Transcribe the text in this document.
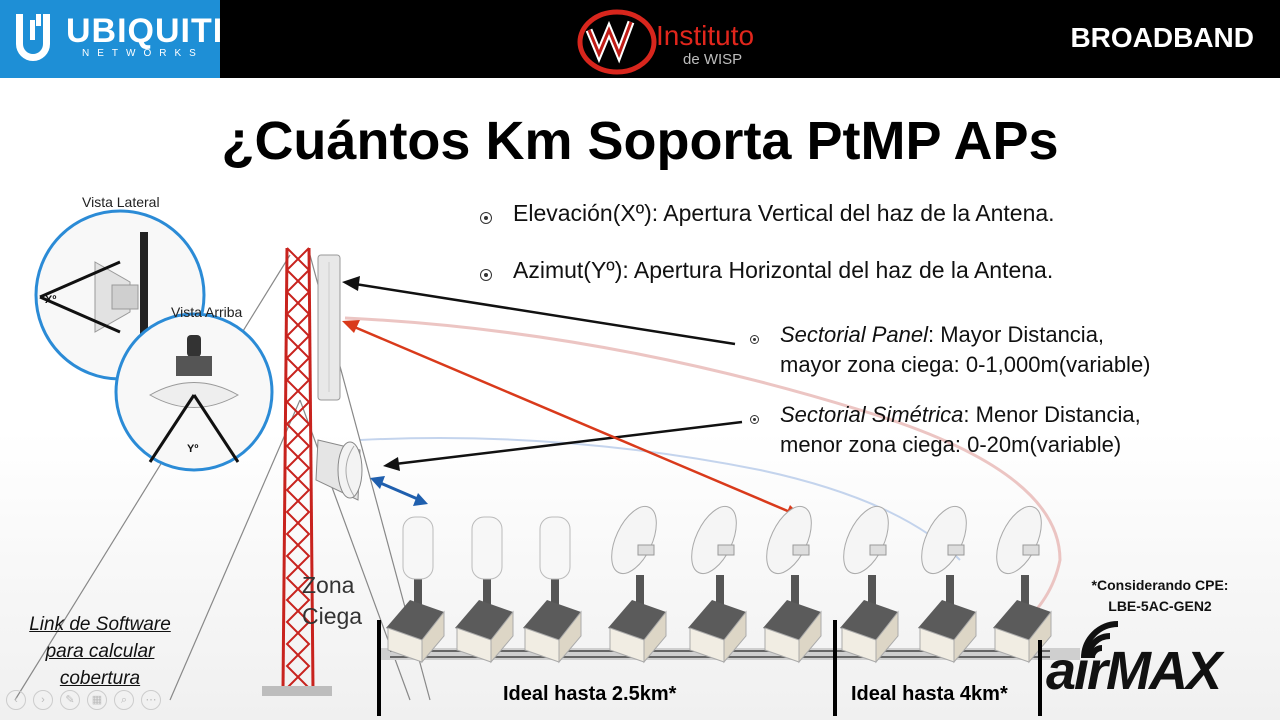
UBIQUITI
NETWORKS
Instituto
de WISP
BROADBAND
Xº
Yº
¿Cuántos Km Soporta PtMP APs
Elevación(Xº): Apertura Vertical del haz de la Antena.
Azimut(Yº): Apertura Horizontal del haz de la Antena.
Sectorial Panel: Mayor Distancia,
mayor zona ciega: 0-1,000m(variable)
Sectorial Simétrica: Menor Distancia,
menor zona ciega: 0-20m(variable)
Vista Lateral
Vista Arriba
Zona
Ciega
Link de Software
para calcular
cobertura
*Considerando CPE:
LBE-5AC-GEN2
Ideal hasta 2.5km*	Ideal hasta 4km* airMAX
‹ › ✎ ▦ ⌕ ⋯
